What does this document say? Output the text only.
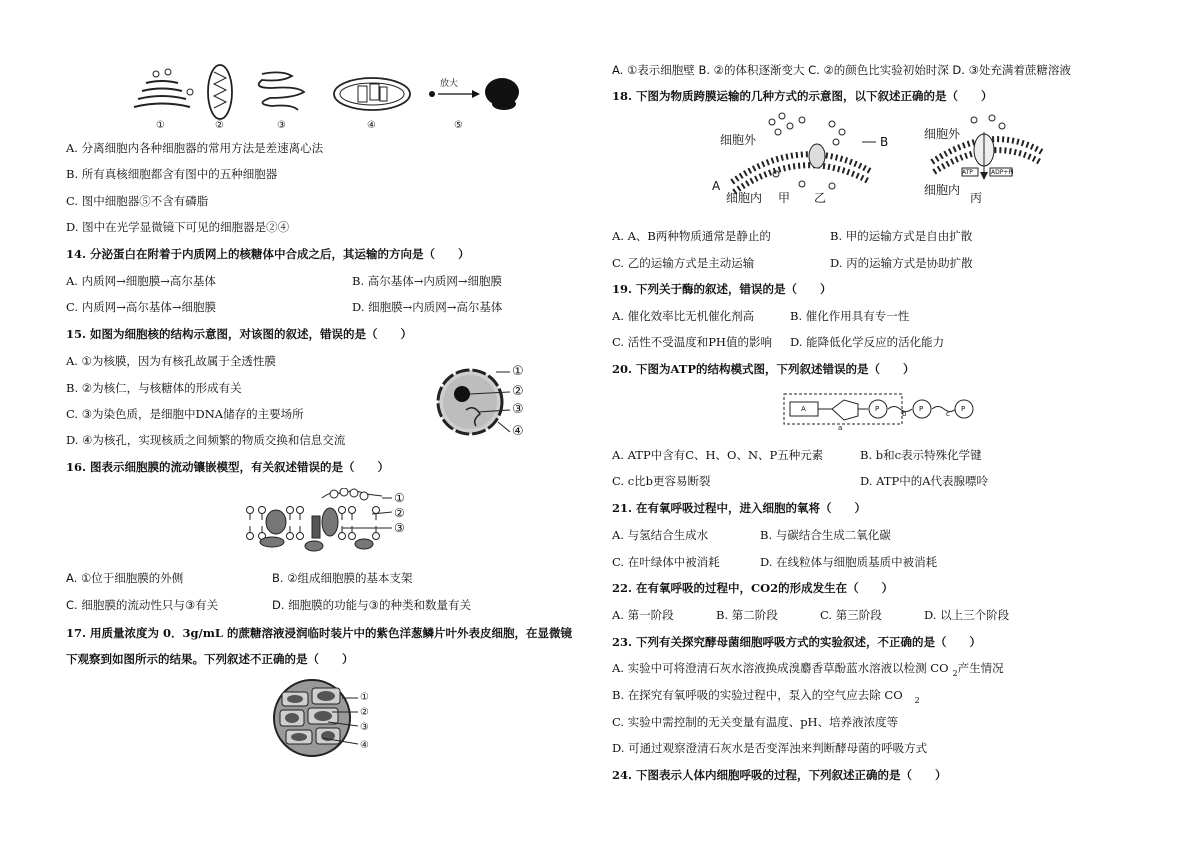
放大
①	②	③	④	⑤
A. 分离细胞内各种细胞器的常用方法是差速离心法
B. 所有真核细胞都含有图中的五种细胞器
C. 图中细胞器⑤不含有磷脂
D. 图中在光学显微镜下可见的细胞器是②④
14. 分泌蛋白在附着于内质网上的核糖体中合成之后，其运输的方向是（　　）
A. 内质网→细胞膜→高尔基体	B. 高尔基体→内质网→细胞膜
C. 内质网→高尔基体→细胞膜	D. 细胞膜→内质网→高尔基体
15. 如图为细胞核的结构示意图，对该图的叙述，错误的是（　　）
A. ①为核膜，因为有核孔故属于全透性膜
B. ②为核仁，与核糖体的形成有关
C. ③为染色质，是细胞中DNA储存的主要场所
D. ④为核孔，实现核质之间频繁的物质交换和信息交流
①
②
③
④
16. 图表示细胞膜的流动镶嵌模型，有关叙述错误的是（　　）
①
②
③
A. ①位于细胞膜的外侧	B. ②组成细胞膜的基本支架
C. 细胞膜的流动性只与③有关	D. 细胞膜的功能与③的种类和数量有关
17. 用质量浓度为 0．3g/mL 的蔗糖溶液浸润临时装片中的紫色洋葱鳞片叶外表皮细胞，在显微镜
下观察到如图所示的结果。下列叙述不正确的是（　　）
①
②
③
④
A. ①表示细胞壁 B. ②的体积逐渐变大 C. ②的颜色比实验初始时深 D. ③处充满着蔗糖溶液
18. 下图为物质跨膜运输的几种方式的示意图，以下叙述正确的是（　　）
细胞外
A
细胞内 甲 乙
B
细胞外
细胞内
丙
ATP	ADP+Pi
A. A、B两种物质通常是静止的	B. 甲的运输方式是自由扩散
C. 乙的运输方式是主动运输	D. 丙的运输方式是协助扩散
19. 下列关于酶的叙述，错误的是（　　）
A. 催化效率比无机催化剂高	B. 催化作用具有专一性
C. 活性不受温度和PH值的影响 D. 能降低化学反应的活化能力
20. 下图为ATP的结构模式图，下列叙述错误的是（　　）
A	P	P	P
a
b	c
A. ATP中含有C、H、O、N、P五种元素	B. b和c表示特殊化学键
C. c比b更容易断裂	D. ATP中的A代表腺嘌呤
21. 在有氧呼吸过程中，进入细胞的氧将（　　）
A. 与氢结合生成水	B. 与碳结合生成二氧化碳
C. 在叶绿体中被消耗	D. 在线粒体与细胞质基质中被消耗
22. 在有氧呼吸的过程中，CO2的形成发生在（　　）
A. 第一阶段	B. 第二阶段	C. 第三阶段	D. 以上三个阶段
23. 下列有关探究酵母菌细胞呼吸方式的实验叙述，不正确的是（　　）
A. 实验中可将澄清石灰水溶液换成溴麝香草酚蓝水溶液以检测 CO $_2$产生情况
B. 在探究有氧呼吸的实验过程中，泵入的空气应去除 CO $_2$
C. 实验中需控制的无关变量有温度、pH、培养液浓度等
D. 可通过观察澄清石灰水是否变浑浊来判断酵母菌的呼吸方式
24. 下图表示人体内细胞呼吸的过程，下列叙述正确的是（　　）
